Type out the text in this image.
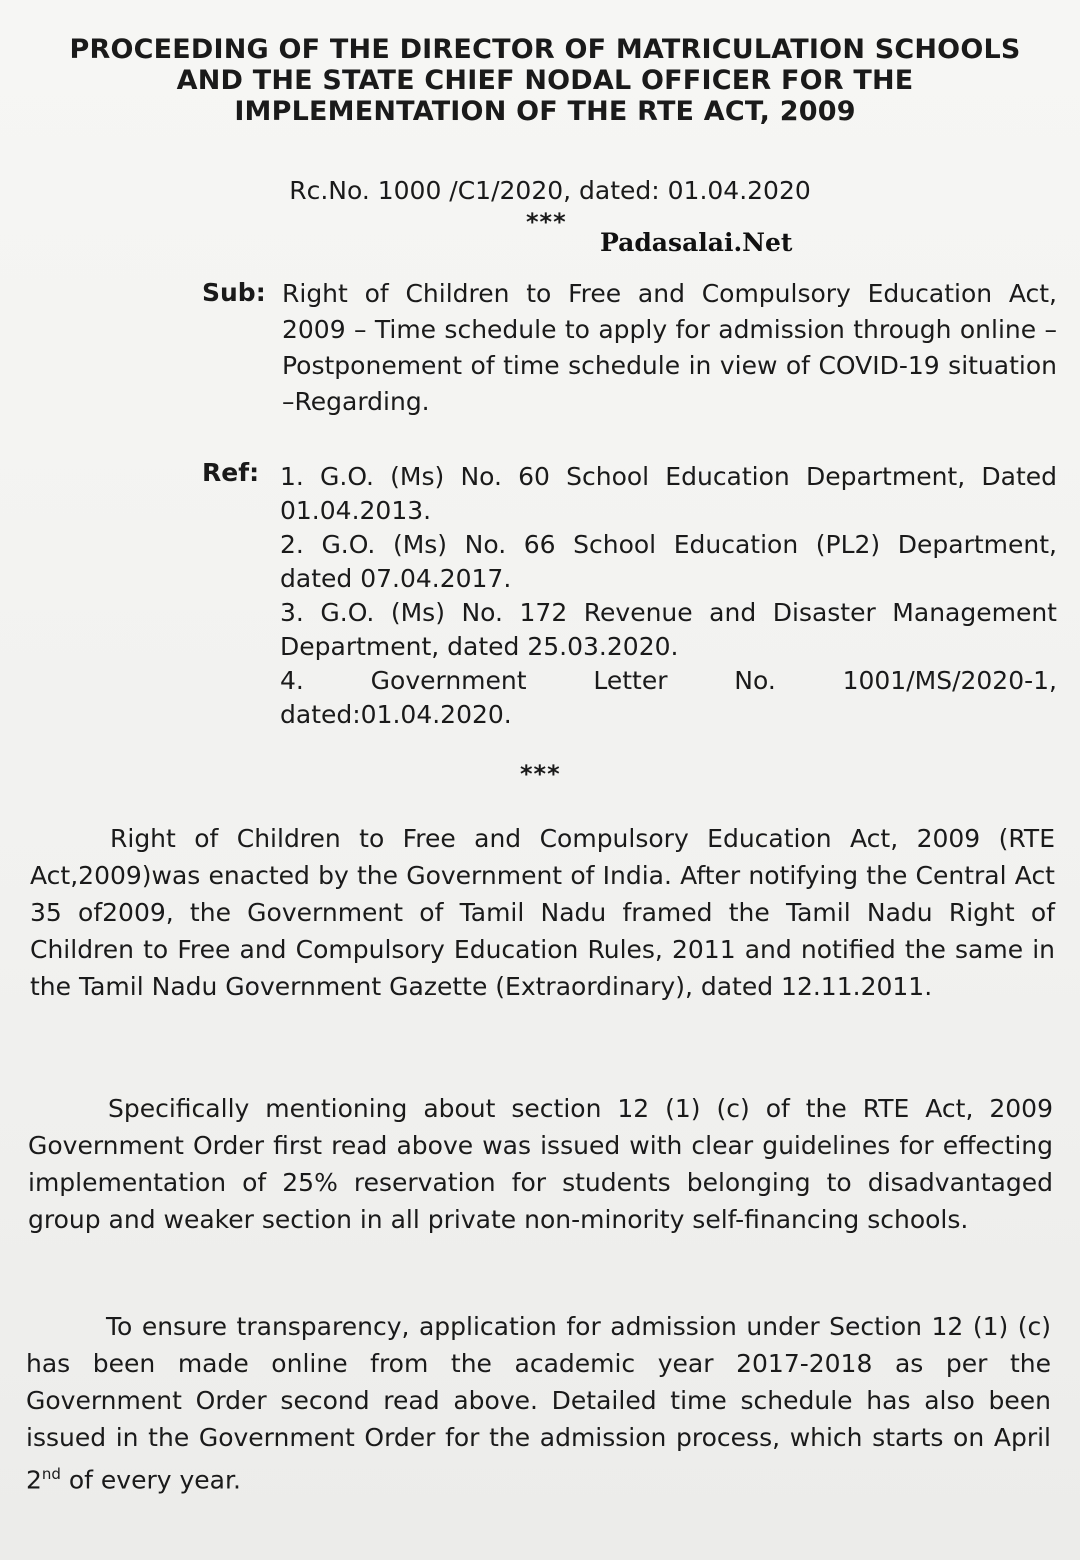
PROCEEDING OF THE DIRECTOR OF MATRICULATION SCHOOLS
AND THE STATE CHIEF NODAL OFFICER FOR THE
IMPLEMENTATION OF THE RTE ACT, 2009
Rc.No. 1000 /C1/2020, dated: 01.04.2020
***
Padasalai.Net
Sub: Right of Children to Free and Compulsory Education Act, 2009 – Time schedule to apply for admission through online – Postponement of time schedule in view of COVID-19 situation –Regarding.
Ref: 1. G.O. (Ms) No. 60 School Education Department, Dated 01.04.2013.
2. G.O. (Ms) No. 66 School Education (PL2) Department, dated 07.04.2017.
3. G.O. (Ms) No. 172 Revenue and Disaster Management Department, dated 25.03.2020.
4. Government Letter No. 1001/MS/2020-1, dated:01.04.2020.
***
Right of Children to Free and Compulsory Education Act, 2009 (RTE Act,2009)was enacted by the Government of India. After notifying the Central Act 35 of2009, the Government of Tamil Nadu framed the Tamil Nadu Right of Children to Free and Compulsory Education Rules, 2011 and notified the same in the Tamil Nadu Government Gazette (Extraordinary), dated 12.11.2011.
Specifically mentioning about section 12 (1) (c) of the RTE Act, 2009 Government Order first read above was issued with clear guidelines for effecting implementation of 25% reservation for students belonging to disadvantaged group and weaker section in all private non-minority self-financing schools.
To ensure transparency, application for admission under Section 12 (1) (c) has been made online from the academic year 2017-2018 as per the Government Order second read above. Detailed time schedule has also been issued in the Government Order for the admission process, which starts on April 2nd of every year.
